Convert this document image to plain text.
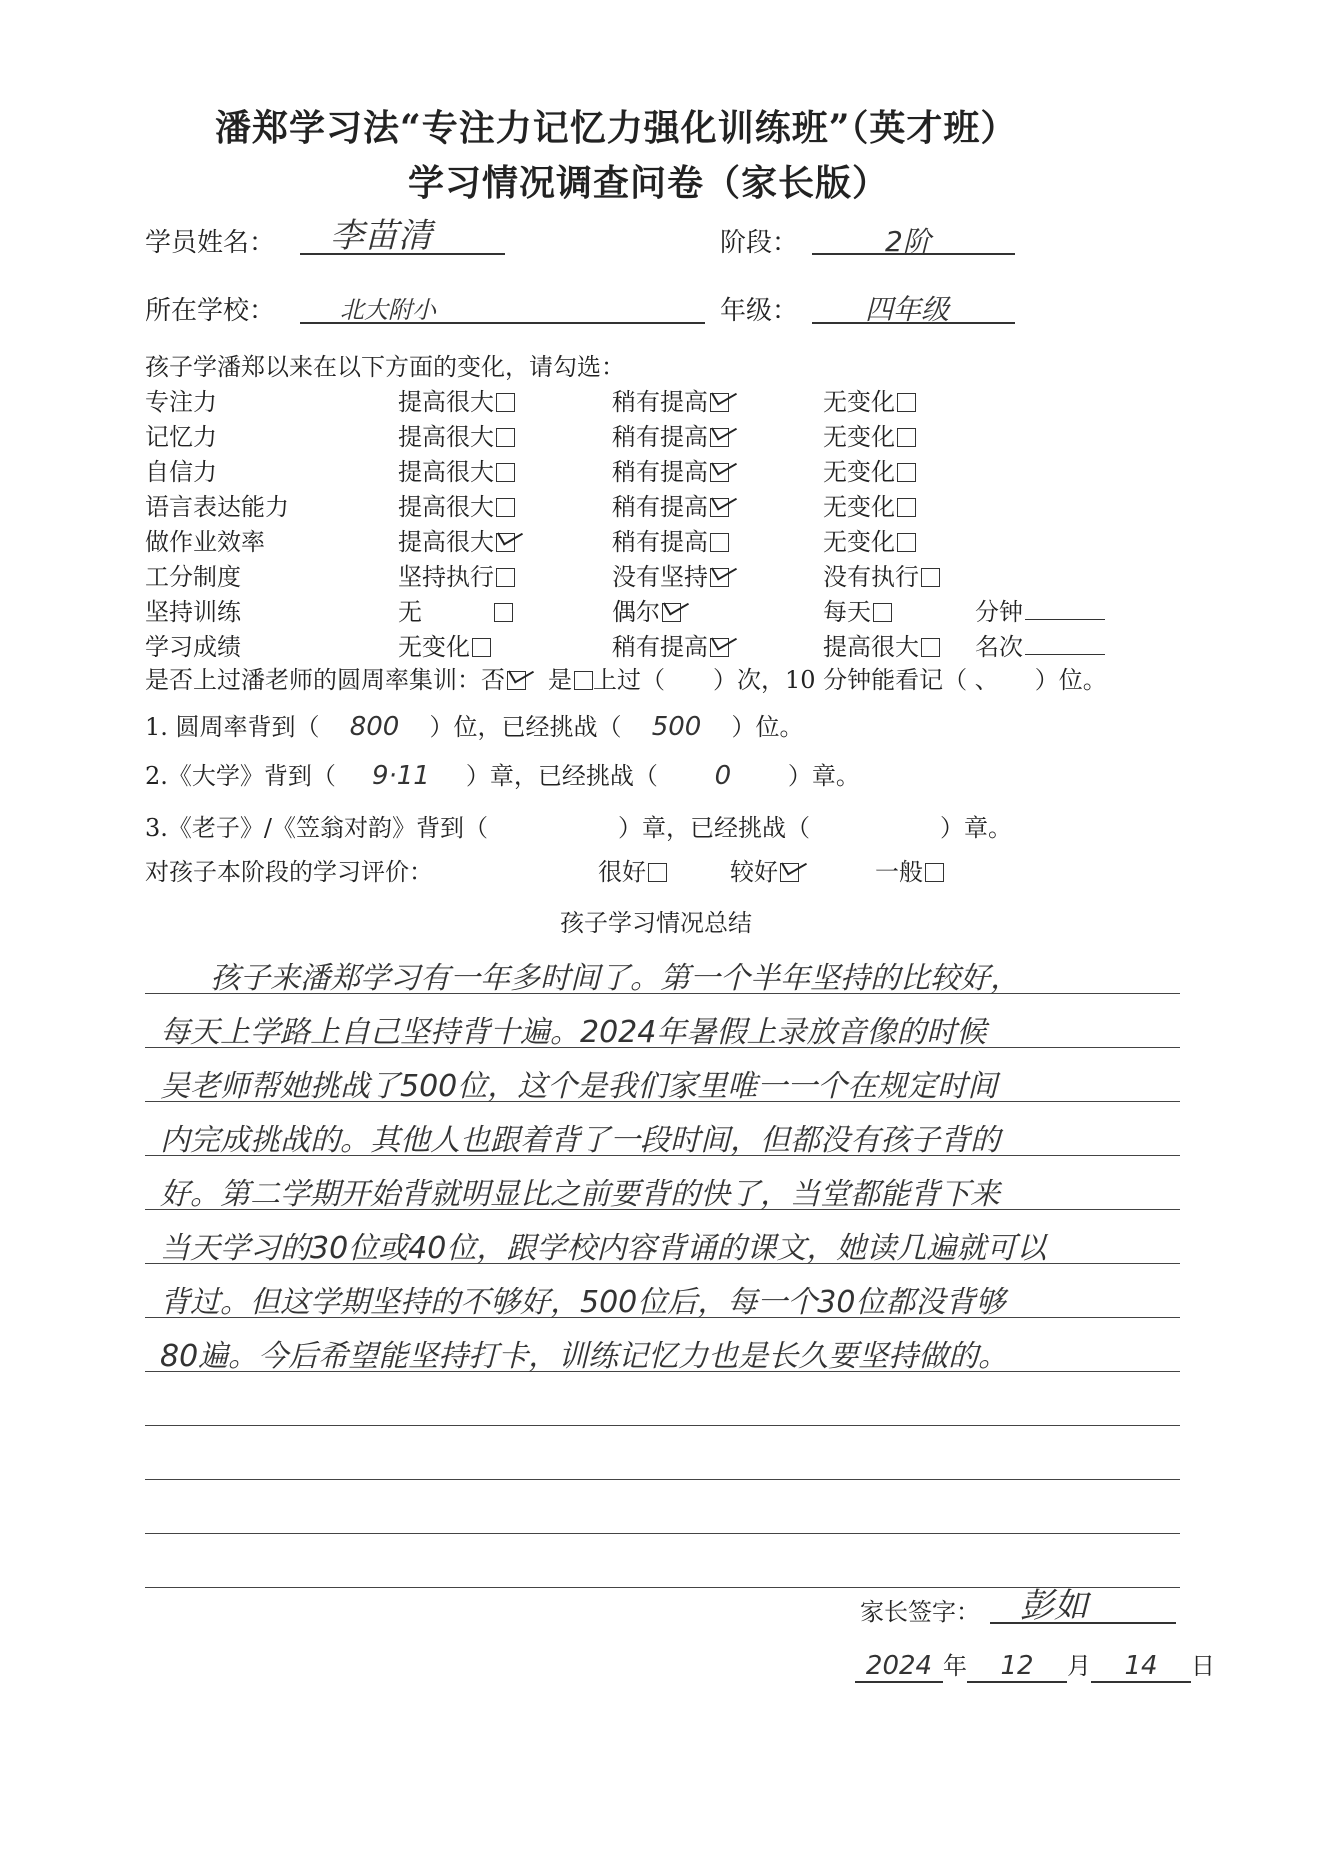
潘郑学习法“专注力记忆力强化训练班”（英才班）
学习情况调查问卷（家长版）
学员姓名： 李苗清	阶段：	2阶
所在学校：	北大附小	年级： 四年级
孩子学潘郑以来在以下方面的变化，请勾选：
专注力	提高很大	稍有提高	无变化
记忆力	提高很大	稍有提高	无变化
自信力	提高很大	稍有提高	无变化
语言表达能力	提高很大	稍有提高	无变化
做作业效率	提高很大	稍有提高	无变化
工分制度	坚持执行	没有坚持	没有执行
坚持训练	无	偶尔	每天	分钟
学习成绩	无变化	稍有提高	提高很大	名次
是否上过潘老师的圆周率集训：否 是 上过（　　）次，10 分钟能看记（ 、　　）位。
1. 圆周率背到（ 800 ）位，已经挑战（ 500 ）位。
2.《大学》背到（ 9·11 ）章，已经挑战（ 0 ）章。
3.《老子》/《笠翁对韵》背到（	）章，已经挑战（	）章。
对孩子本阶段的学习评价：	很好	较好	一般
孩子学习情况总结
孩子来潘郑学习有一年多时间了。第一个半年坚持的比较好，
每天上学路上自己坚持背十遍。2024年暑假上录放音像的时候
吴老师帮她挑战了500位，这个是我们家里唯一一个在规定时间
内完成挑战的。其他人也跟着背了一段时间，但都没有孩子背的
好。第二学期开始背就明显比之前要背的快了，当堂都能背下来
当天学习的30位或40位，跟学校内容背诵的课文，她读几遍就可以
背过。但这学期坚持的不够好，500位后，每一个30位都没背够
80遍。今后希望能坚持打卡，训练记忆力也是长久要坚持做的。
家长签字： 彭如
2024 年 12 月 14 日
